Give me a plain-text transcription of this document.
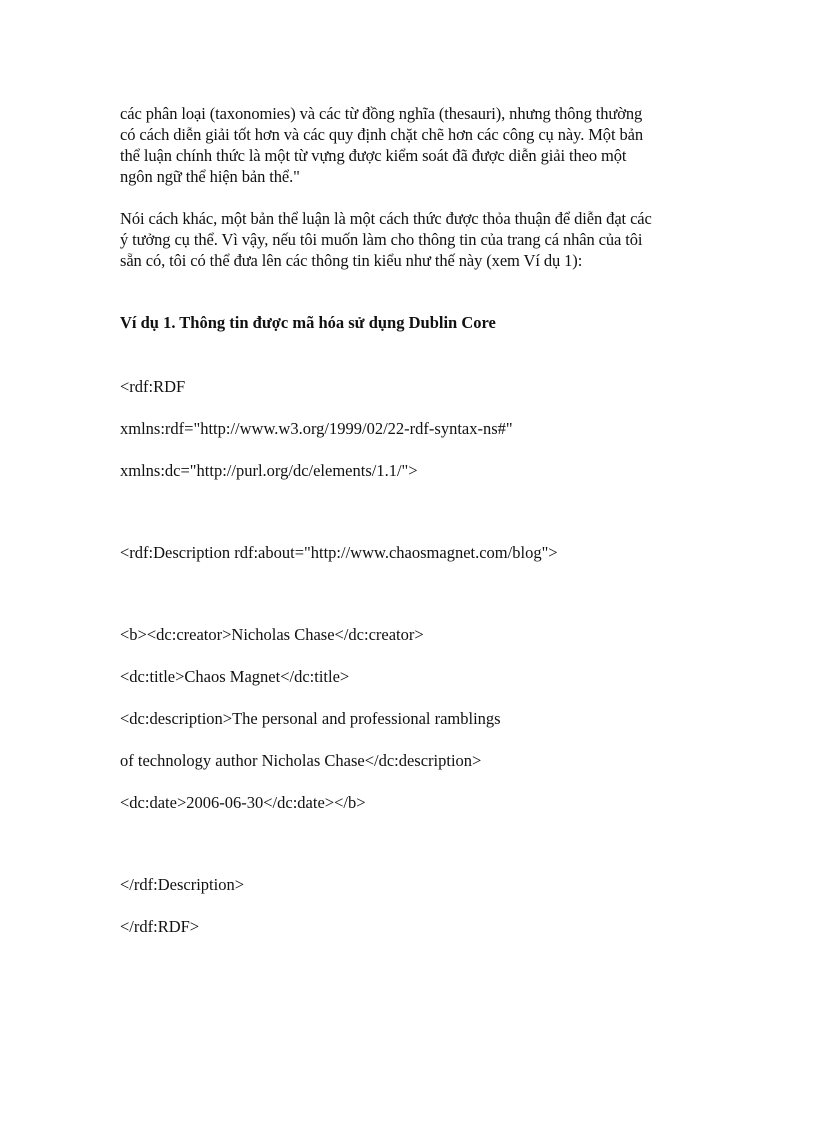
các phân loại (taxonomies) và các từ đồng nghĩa (thesauri), nhưng thông thường
có cách diễn giải tốt hơn và các quy định chặt chẽ hơn các công cụ này. Một bản
thể luận chính thức là một từ vựng được kiểm soát đã được diễn giải theo một
ngôn ngữ thể hiện bản thể."
Nói cách khác, một bản thể luận là một cách thức được thỏa thuận để diễn đạt các
ý tưởng cụ thể. Vì vậy, nếu tôi muốn làm cho thông tin của trang cá nhân của tôi
sẵn có, tôi có thể đưa lên các thông tin kiểu như thế này (xem Ví dụ 1):
Ví dụ 1. Thông tin được mã hóa sử dụng Dublin Core
<rdf:RDF
xmlns:rdf="http://www.w3.org/1999/02/22-rdf-syntax-ns#"
xmlns:dc="http://purl.org/dc/elements/1.1/">
<rdf:Description rdf:about="http://www.chaosmagnet.com/blog">
<b><dc:creator>Nicholas Chase</dc:creator>
<dc:title>Chaos Magnet</dc:title>
<dc:description>The personal and professional ramblings
of technology author Nicholas Chase</dc:description>
<dc:date>2006-06-30</dc:date></b>
</rdf:Description>
</rdf:RDF>
